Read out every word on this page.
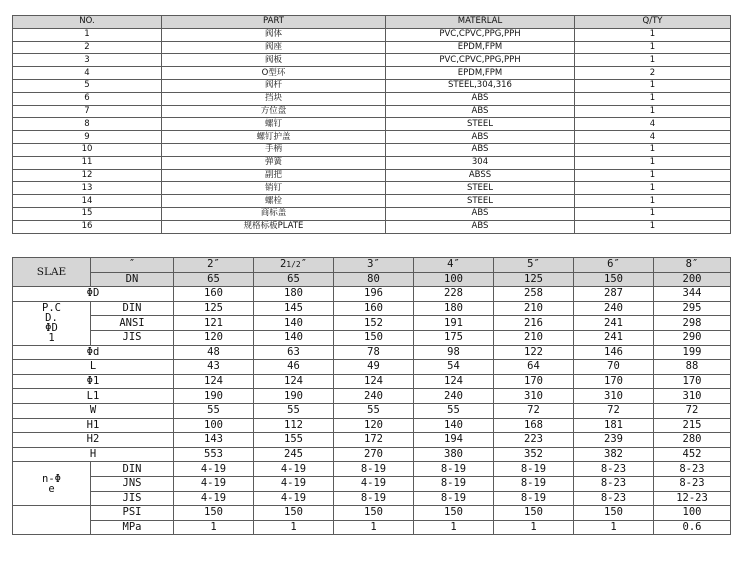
NO.	PART	MATERLAL	Q/TY
1	阀体	PVC,CPVC,PPG,PPH	1
2	阀座	EPDM,FPM	1
3	阀板	PVC,CPVC,PPG,PPH	1
4	O型环	EPDM,FPM	2
5	阀杆	STEEL,304,316	1
6	挡块	ABS	1
7	方位盘	ABS	1
8	螺钉	STEEL	4
9	螺钉护盖	ABS	4
10	手柄	ABS	1
11	弹簧	304	1
12	副把	ABSS	1
13	销钉	STEEL	1
14	螺栓	STEEL	1
15	商标盖	ABS	1
16	规格标板PLATE	ABS	1
SLAE	″	2″	21/2″	3″	4″	5″	6″	8″
	DN	65	65	80	100	125	150	200
ΦD		160	180	196	228	258	287	344

P.C
D.
ΦD
1	DIN	125	145	160	180	210	240	295
	ANSI	121	140	152	191	216	241	298
	JIS	120	140	150	175	210	241	290
Φd		48	63	78	98	122	146	199
L		43	46	49	54	64	70	88
Φ1		124	124	124	124	170	170	170
L1		190	190	240	240	310	310	310
W		55	55	55	55	72	72	72
H1		100	112	120	140	168	181	215
H2		143	155	172	194	223	239	280
H		553	245	270	380	352	382	452

n-Φ
e	DIN	4-19	4-19	8-19	8-19	8-19	8-23	8-23
	JNS	4-19	4-19	4-19	8-19	8-19	8-23	8-23
	JIS	4-19	4-19	8-19	8-19	8-19	8-23	12-23
	PSI	150	150	150	150	150	150	100
	MPa	1	1	1	1	1	1	0.6
